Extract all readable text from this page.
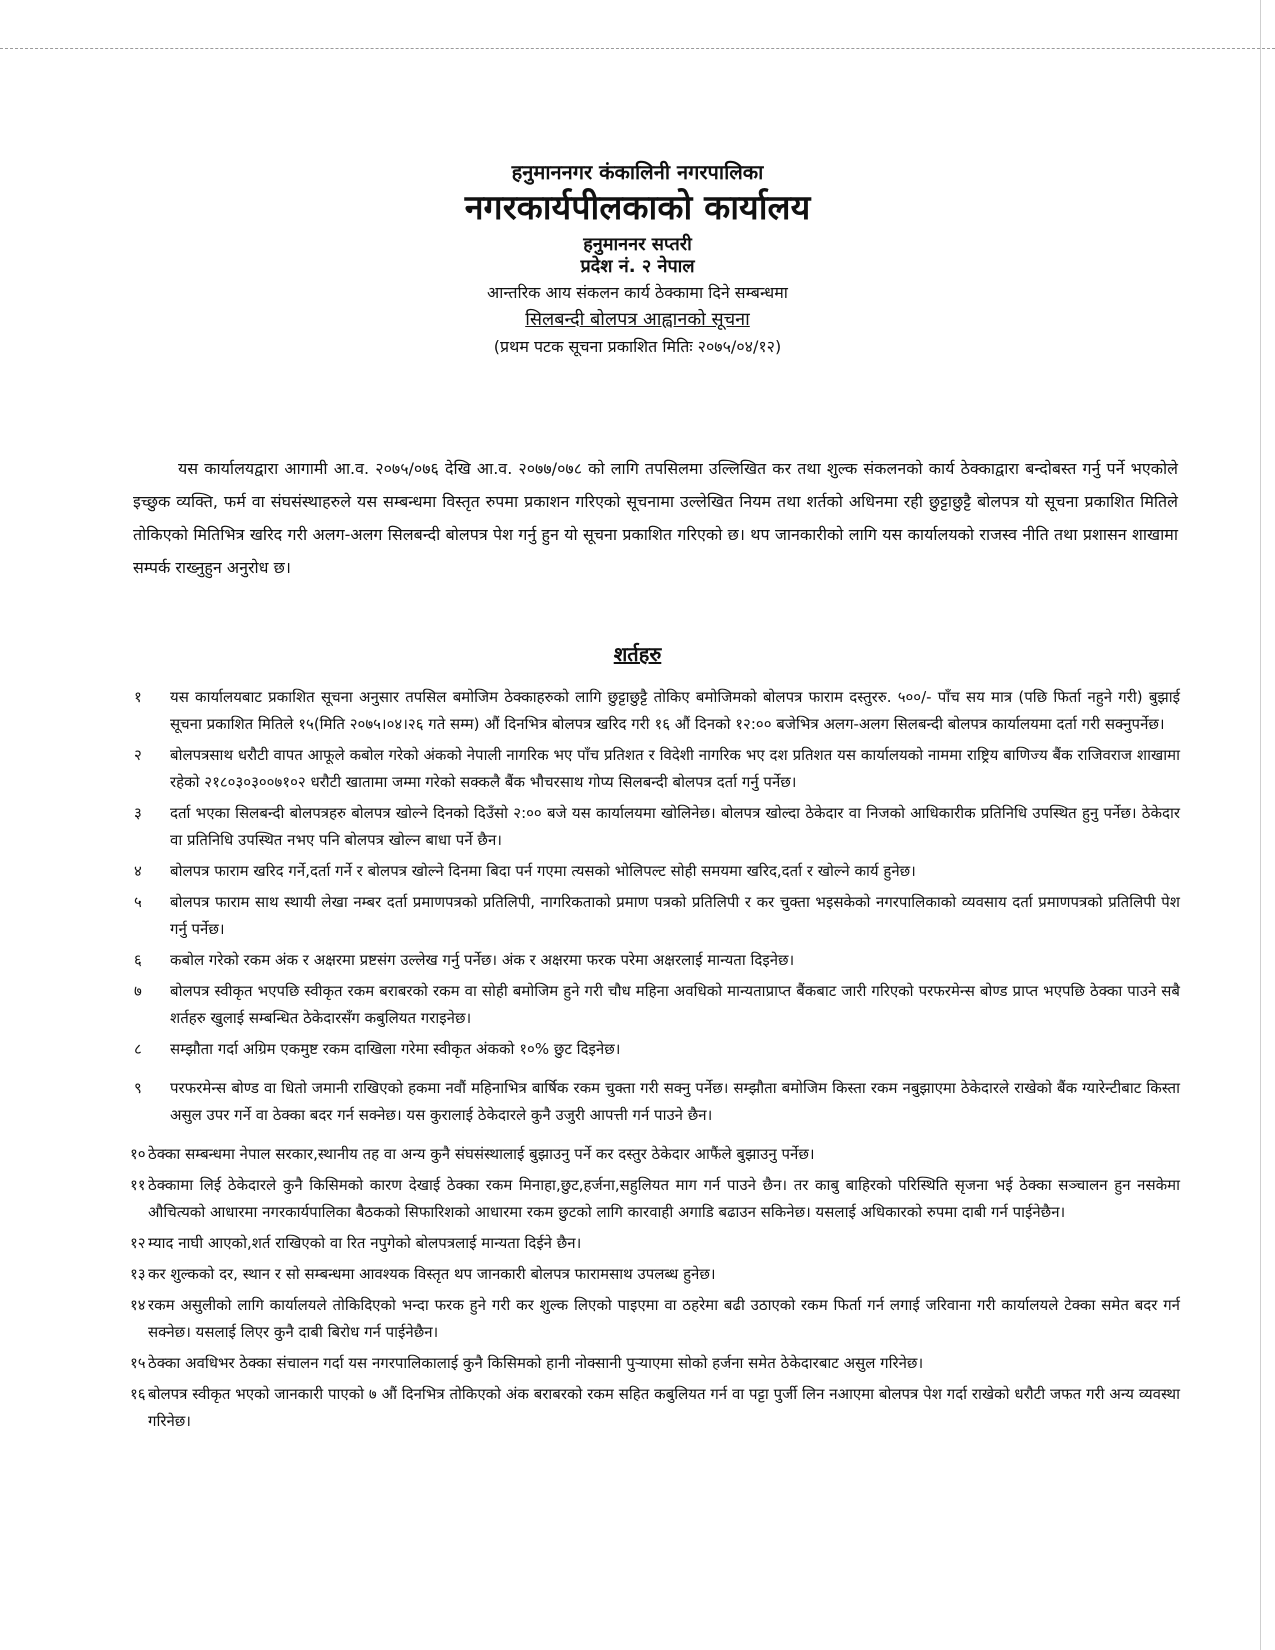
हनुमाननगर कंकालिनी नगरपालिका
नगरकार्यपीलकाको कार्यालय
हनुमाननर सप्तरी
प्रदेश नं. २ नेपाल
आन्तरिक आय संकलन कार्य ठेक्कामा दिने सम्बन्धमा
सिलबन्दी बोलपत्र आह्वानको सूचना
(प्रथम पटक सूचना प्रकाशित मितिः २०७५/०४/१२)

यस कार्यालयद्वारा आगामी आ.व. २०७५/०७६ देखि आ.व. २०७७/०७८ को लागि तपसिलमा उल्लिखित कर तथा शुल्क संकलनको कार्य ठेक्काद्वारा बन्दोबस्त गर्नु पर्ने भएकोले इच्छुक व्यक्ति, फर्म वा संघसंस्थाहरुले यस सम्बन्धमा विस्तृत रुपमा प्रकाशन गरिएको सूचनामा उल्लेखित नियम तथा शर्तको अधिनमा रही छुट्टाछुट्टै बोलपत्र यो सूचना प्रकाशित मितिले तोकिएको मितिभित्र खरिद गरी अलग-अलग सिलबन्दी बोलपत्र पेश गर्नु हुन यो सूचना प्रकाशित गरिएको छ। थप जानकारीको लागि यस कार्यालयको राजस्व नीति तथा प्रशासन शाखामा सम्पर्क राख्नुहुन अनुरोध छ।

शर्तहरु
१	यस कार्यालयबाट प्रकाशित सूचना अनुसार तपसिल बमोजिम ठेक्काहरुको लागि छुट्टाछुट्टै तोकिए बमोजिमको बोलपत्र फाराम दस्तुररु. ५००/- पाँच सय मात्र (पछि फिर्ता नहुने गरी) बुझाई सूचना प्रकाशित मितिले १५(मिति २०७५।०४।२६ गते सम्म) औं दिनभित्र बोलपत्र खरिद गरी १६ औं दिनको १२:०० बजेभित्र अलग-अलग सिलबन्दी बोलपत्र कार्यालयमा दर्ता गरी सक्नुपर्नेछ।
२	बोलपत्रसाथ धरौटी वापत आफूले कबोल गरेको अंकको नेपाली नागरिक भए पाँच प्रतिशत र विदेशी नागरिक भए दश प्रतिशत यस कार्यालयको नाममा राष्ट्रिय बाणिज्य बैंक राजिवराज शाखामा रहेको २१८०३०३००७१०२ धरौटी खातामा जम्मा गरेको सक्कलै बैंक भौचरसाथ गोप्य सिलबन्दी बोलपत्र दर्ता गर्नु पर्नेछ।
३	दर्ता भएका सिलबन्दी बोलपत्रहरु बोलपत्र खोल्ने दिनको दिउँसो २:०० बजे यस कार्यालयमा खोलिनेछ। बोलपत्र खोल्दा ठेकेदार वा निजको आधिकारीक प्रतिनिधि उपस्थित हुनु पर्नेछ। ठेकेदार वा प्रतिनिधि उपस्थित नभए पनि बोलपत्र खोल्न बाधा पर्ने छैन।
४	बोलपत्र फाराम खरिद गर्ने,दर्ता गर्ने र बोलपत्र खोल्ने दिनमा बिदा पर्न गएमा त्यसको भोलिपल्ट सोही समयमा खरिद,दर्ता र खोल्ने कार्य हुनेछ।
५	बोलपत्र फाराम साथ स्थायी लेखा नम्बर दर्ता प्रमाणपत्रको प्रतिलिपी, नागरिकताको प्रमाण पत्रको प्रतिलिपी र कर चुक्ता भइसकेको नगरपालिकाको व्यवसाय दर्ता प्रमाणपत्रको प्रतिलिपी पेश गर्नु पर्नेछ।
६	कबोल गरेको रकम अंक र अक्षरमा प्रष्टसंग उल्लेख गर्नु पर्नेछ। अंक र अक्षरमा फरक परेमा अक्षरलाई मान्यता दिइनेछ।
७	बोलपत्र स्वीकृत भएपछि स्वीकृत रकम बराबरको रकम वा सोही बमोजिम हुने गरी चौध महिना अवधिको मान्यताप्राप्त बैंकबाट जारी गरिएको परफरमेन्स बोण्ड प्राप्त भएपछि ठेक्का पाउने सबै शर्तहरु खुलाई सम्बन्धित ठेकेदारसँग कबुलियत गराइनेछ।
८	सम्झौता गर्दा अग्रिम एकमुष्ट रकम दाखिला गरेमा स्वीकृत अंकको १०% छुट दिइनेछ।
९	परफरमेन्स बोण्ड वा धितो जमानी राखिएको हकमा नवौं महिनाभित्र बार्षिक रकम चुक्ता गरी सक्नु पर्नेछ। सम्झौता बमोजिम किस्ता रकम नबुझाएमा ठेकेदारले राखेको बैंक ग्यारेन्टीबाट किस्ता असुल उपर गर्ने वा ठेक्का बदर गर्न सक्नेछ। यस कुरालाई ठेकेदारले कुनै उजुरी आपत्ती गर्न पाउने छैन।
१० ठेक्का सम्बन्धमा नेपाल सरकार,स्थानीय तह वा अन्य कुनै संघसंस्थालाई बुझाउनु पर्ने कर दस्तुर ठेकेदार आफैंले बुझाउनु पर्नेछ।
११ ठेक्कामा लिई ठेकेदारले कुनै किसिमको कारण देखाई ठेक्का रकम मिनाहा,छुट,हर्जना,सहुलियत माग गर्न पाउने छैन। तर काबु बाहिरको परिस्थिति सृजना भई ठेक्का सञ्चालन हुन नसकेमा औचित्यको आधारमा नगरकार्यपालिका बैठकको सिफारिशको आधारमा रकम छुटको लागि कारवाही अगाडि बढाउन सकिनेछ। यसलाई अधिकारको रुपमा दाबी गर्न पाईनेछैन।
१२ म्याद नाघी आएको,शर्त राखिएको वा रित नपुगेको बोलपत्रलाई मान्यता दिईने छैन।
१३ कर शुल्कको दर, स्थान र सो सम्बन्धमा आवश्यक विस्तृत थप जानकारी बोलपत्र फारामसाथ उपलब्ध हुनेछ।
१४ रकम असुलीको लागि कार्यालयले तोकिदिएको भन्दा फरक हुने गरी कर शुल्क लिएको पाइएमा वा ठहरेमा बढी उठाएको रकम फिर्ता गर्न लगाई जरिवाना गरी कार्यालयले टेक्का समेत बदर गर्न सक्नेछ। यसलाई लिएर कुनै दाबी बिरोध गर्न पाईनेछैन।
१५ ठेक्का अवधिभर ठेक्का संचालन गर्दा यस नगरपालिकालाई कुनै किसिमको हानी नोक्सानी पुऱ्याएमा सोको हर्जना समेत ठेकेदारबाट असुल गरिनेछ।
१६ बोलपत्र स्वीकृत भएको जानकारी पाएको ७ औं दिनभित्र तोकिएको अंक बराबरको रकम सहित कबुलियत गर्न वा पट्टा पुर्जी लिन नआएमा बोलपत्र पेश गर्दा राखेको धरौटी जफत गरी अन्य व्यवस्था गरिनेछ।
